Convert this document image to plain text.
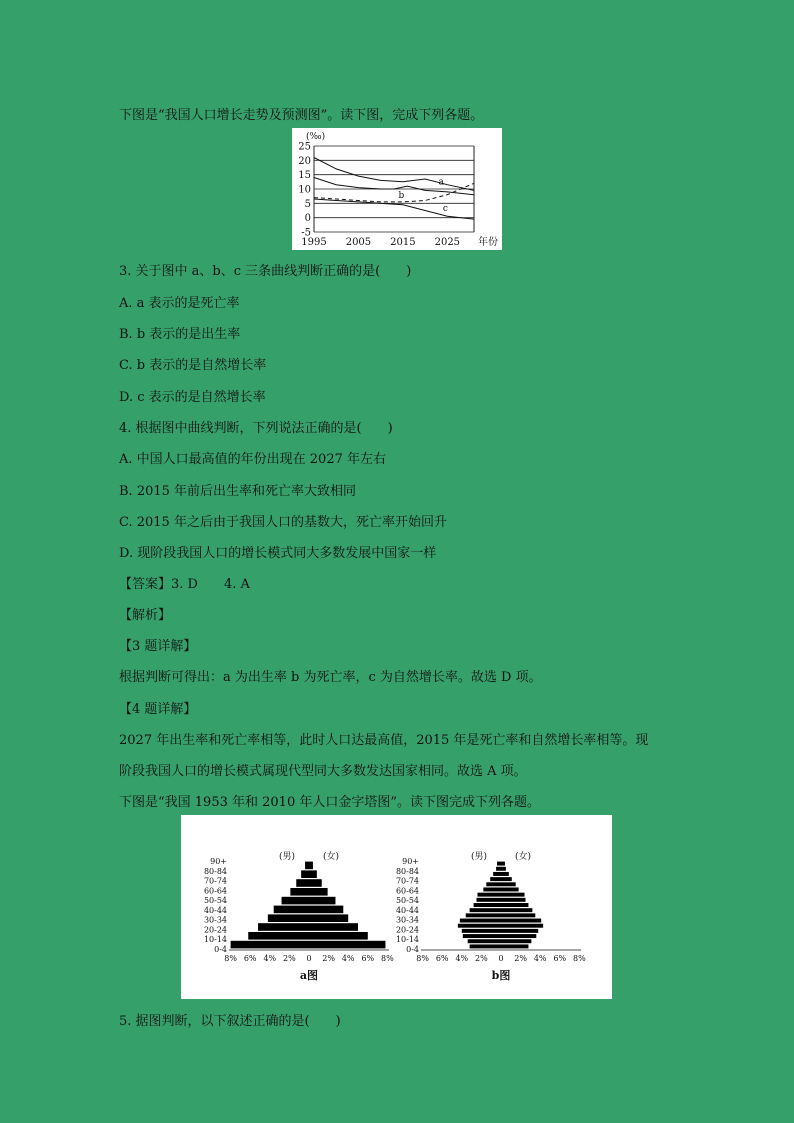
下图是“我国人口增长走势及预测图”。读下图，完成下列各题。
(‰)
25
20
15
10
5
0
-5
1995 2005 2015 2025 年份
a
b
c
3. 关于图中 a、b、c 三条曲线判断正确的是(　　)
A. a 表示的是死亡率
B. b 表示的是出生率
C. b 表示的是自然增长率
D. c 表示的是自然增长率
4. 根据图中曲线判断，下列说法正确的是(　　)
A. 中国人口最高值的年份出现在 2027 年左右
B. 2015 年前后出生率和死亡率大致相同
C. 2015 年之后由于我国人口的基数大，死亡率开始回升
D. 现阶段我国人口的增长模式同大多数发展中国家一样
【答案】3. D　　4. A
【解析】
【3 题详解】
根据判断可得出：a 为出生率 b 为死亡率，c 为自然增长率。故选 D 项。
【4 题详解】
2027 年出生率和死亡率相等，此时人口达最高值，2015 年是死亡率和自然增长率相等。现
阶段我国人口的增长模式属现代型同大多数发达国家相同。故选 A 项。
下图是“我国 1953 年和 2010 年人口金字塔图”。读下图完成下列各题。
90+
80-84
70-74
60-64
50-54
40-44
30-34
20-24
10-14
0-4
8% 6% 4% 2% 0 2% 4% 6% 8%
(男)	(女)
a图
90+
80-84
70-74
60-64
50-54
40-44
30-34
20-24
10-14
0-4
8% 6% 4% 2% 0 2% 4% 6% 8%
(男)	(女)
b图
5. 据图判断，以下叙述正确的是(　　)
